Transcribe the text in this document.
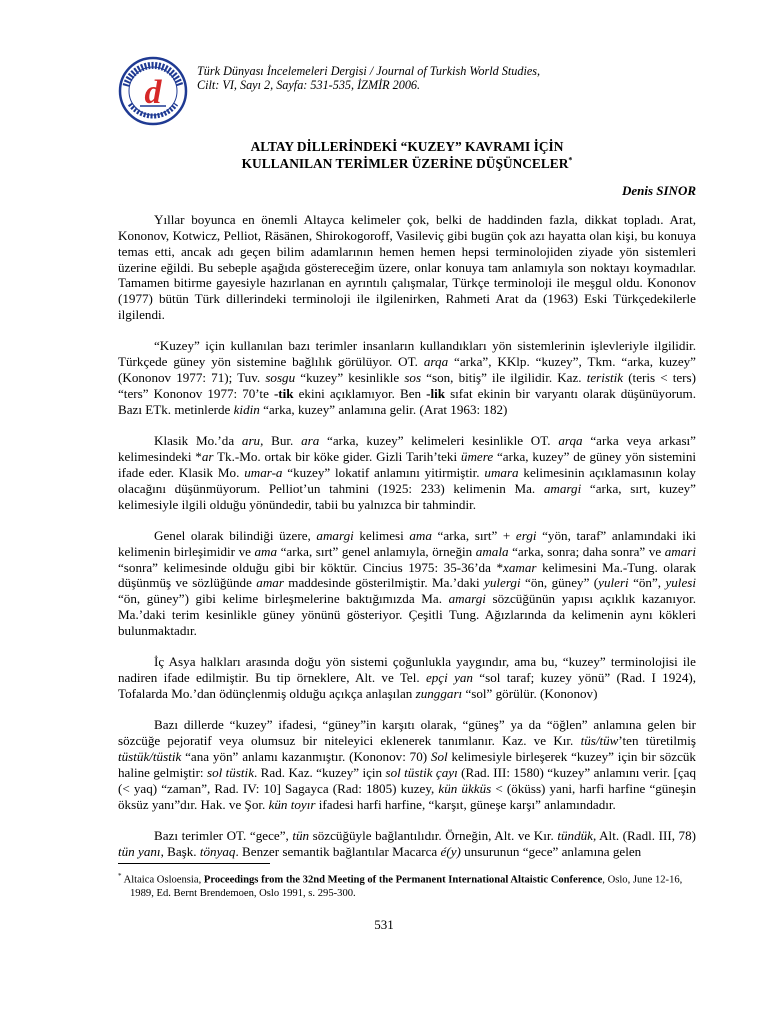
d
Türk Dünyası İncelemeleri Dergisi / Journal of Turkish World Studies,
Cilt: VI, Sayı 2, Sayfa: 531-535, İZMİR 2006.
ALTAY DİLLERİNDEKİ “KUZEY” KAVRAMI İÇİN
KULLANILAN TERİMLER ÜZERİNE DÜŞÜNCELER*
Denis SINOR

Yıllar boyunca en önemli Altayca kelimeler çok, belki de haddinden fazla, dikkat topladı. Arat, Kononov, Kotwicz, Pelliot, Räsänen, Shirokogoroff, Vasileviç gibi bugün çok azı hayatta olan kişi, bu konuya temas etti, ancak adı geçen bilim adamlarının hemen hemen hepsi terminolojiden ziyade yön sistemleri üzerine eğildi. Bu sebeple aşağıda göstereceğim üzere, onlar konuya tam anlamıyla son noktayı koymadılar. Tamamen bitirme gayesiyle hazırlanan en ayrıntılı çalışmalar, Türkçe terminoloji ile meşgul oldu. Kononov (1977) bütün Türk dillerindeki terminoloji ile ilgilenirken, Rahmeti Arat da (1963) Eski Türkçedekilerle ilgilendi.

“Kuzey” için kullanılan bazı terimler insanların kullandıkları yön sistemlerinin işlevleriyle ilgilidir. Türkçede güney yön sistemine bağlılık görülüyor. OT. arqa “arka”, KKlp. “kuzey”, Tkm. “arka, kuzey” (Kononov 1977: 71); Tuv. sosgu “kuzey” kesinlikle sos “son, bitiş” ile ilgilidir. Kaz. teristik (teris < ters) “ters” Kononov 1977: 70’te -tik ekini açıklamıyor. Ben -lik sıfat ekinin bir varyantı olarak düşünüyorum. Bazı ETk. metinlerde kidin “arka, kuzey” anlamına gelir. (Arat 1963: 182)

Klasik Mo.’da aru, Bur. ara “arka, kuzey” kelimeleri kesinlikle OT. arqa “arka veya arkası” kelimesindeki *ar Tk.-Mo. ortak bir köke gider. Gizli Tarih’teki ümere “arka, kuzey” de güney yön sistemini ifade eder. Klasik Mo. umar-a “kuzey” lokatif anlamını yitirmiştir. umara kelimesinin açıklamasının kolay olacağını düşünmüyorum. Pelliot’un tahmini (1925: 233) kelimenin Ma. amargi “arka, sırt, kuzey” kelimesiyle ilgili olduğu yönündedir, tabii bu yalnızca bir tahmindir.

Genel olarak bilindiği üzere, amargi kelimesi ama “arka, sırt” + ergi “yön, taraf” anlamındaki iki kelimenin birleşimidir ve ama “arka, sırt” genel anlamıyla, örneğin amala “arka, sonra; daha sonra” ve amari “sonra” kelimesinde olduğu gibi bir köktür. Cincius 1975: 35-36’da *xamar kelimesini Ma.-Tung. olarak düşünmüş ve sözlüğünde amar maddesinde gösterilmiştir. Ma.’daki yulergi “ön, güney” (yuleri “ön”, yulesi “ön, güney”) gibi kelime birleşmelerine baktığımızda Ma. amargi sözcüğünün yapısı açıklık kazanıyor. Ma.’daki terim kesinlikle güney yönünü gösteriyor. Çeşitli Tung. Ağızlarında da kelimenin aynı kökleri bulunmaktadır.

İç Asya halkları arasında doğu yön sistemi çoğunlukla yaygındır, ama bu, “kuzey” terminolojisi ile nadiren ifade edilmiştir. Bu tip örneklere, Alt. ve Tel. epçi yan “sol taraf; kuzey yönü” (Rad. I 1924), Tofalarda Mo.’dan ödünçlenmiş olduğu açıkça anlaşılan zunggarı “sol” görülür. (Kononov)

Bazı dillerde “kuzey” ifadesi, “güney”in karşıtı olarak, “güneş” ya da “öğlen” anlamına gelen bir sözcüğe pejoratif veya olumsuz bir niteleyici eklenerek tanımlanır. Kaz. ve Kır. tüs/tüw’ten türetilmiş tüstük/tüstik “ana yön” anlamı kazanmıştır. (Kononov: 70) Sol kelimesiyle birleşerek “kuzey” için bir sözcük haline gelmiştir: sol tüstik. Rad. Kaz. “kuzey” için sol tüstik çayı (Rad. III: 1580) “kuzey” anlamını verir. [çaq (< yaq) “zaman”, Rad. IV: 10] Sagayca (Rad: 1805) kuzey, kün ükküs < (öküss) yani, harfi harfine “güneşin öksüz yanı”dır. Hak. ve Şor. kün toyır ifadesi harfi harfine, “karşıt, güneşe karşı” anlamındadır.

Bazı terimler OT. “gece”, tün sözcüğüyle bağlantılıdır. Örneğin, Alt. ve Kır. tündük, Alt. (Radl. III, 78) tün yanı, Başk. tönyaq. Benzer semantik bağlantılar Macarca é(y) unsurunun “gece” anlamına gelen

* Altaica Osloensia, Proceedings from the 32nd Meeting of the Permanent International Altaistic Conference, Oslo, June 12-16, 1989, Ed. Bernt Brendemoen, Oslo 1991, s. 295-300.
531
